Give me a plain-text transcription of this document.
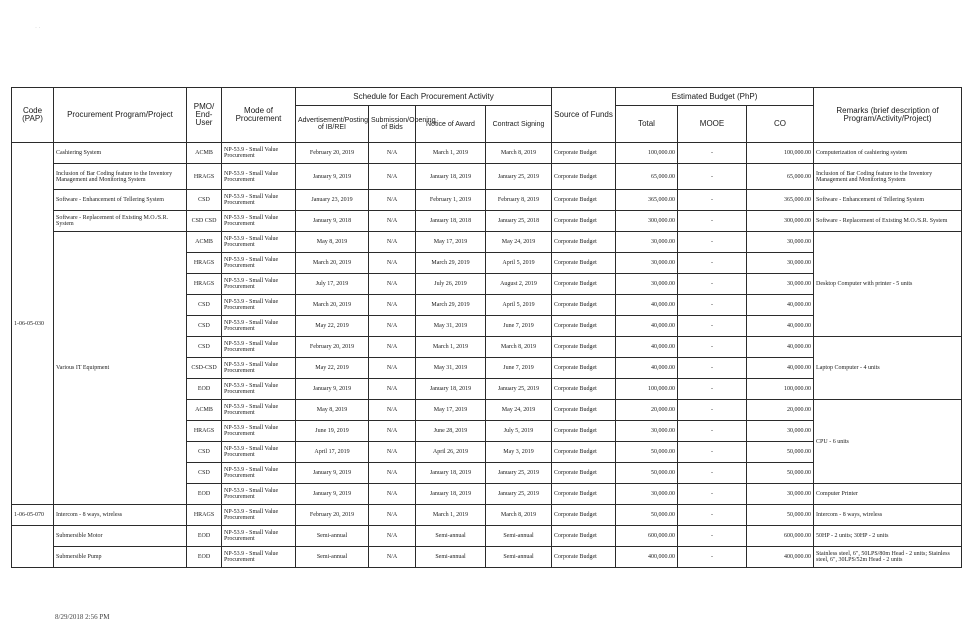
· ·
Code (PAP)	Procurement Program/Project	PMO/ End-User	Mode of Procurement	Schedule for Each Procurement Activity				Source of Funds	Estimated Budget (PhP)			Remarks (brief description of Program/Activity/Project)
				Advertisement/Posting of IB/REI	Submission/Opening of Bids	Notice of Award	Contract Signing		Total	MOOE	CO	
1-06-05-030	Cashiering System	ACMB	NP-53.9 - Small Value Procurement	February 20, 2019	N/A	March 1, 2019	March 8, 2019	Corporate Budget	100,000.00	-	100,000.00	Computerization of cashiering system
	Inclusion of Bar Coding feature to the Inventory Management and Monitoring System	HRAGS	NP-53.9 - Small Value Procurement	January 9, 2019	N/A	January 18, 2019	January 25, 2019	Corporate Budget	65,000.00	-	65,000.00	Inclusion of Bar Coding feature to the Inventory Management and Monitoring System
	Software - Enhancement of Tellering System	CSD	NP-53.9 - Small Value Procurement	January 23, 2019	N/A	February 1, 2019	February 8, 2019	Corporate Budget	365,000.00	-	365,000.00	Software - Enhancement of Tellering System
	Software - Replacement of Existing M.O./S.R. System	CSD CSD	NP-53.9 - Small Value Procurement	January 9, 2018	N/A	January 18, 2018	January 25, 2018	Corporate Budget	300,000.00	-	300,000.00	Software - Replacement of Existing M.O./S.R. System
	Various IT Equipment	ACMB	NP-53.9 - Small Value Procurement	May 8, 2019	N/A	May 17, 2019	May 24, 2019	Corporate Budget	30,000.00	-	30,000.00	Desktop Computer with printer - 5 units
		HRAGS	NP-53.9 - Small Value Procurement	March 20, 2019	N/A	March 29, 2019	April 5, 2019	Corporate Budget	30,000.00	-	30,000.00	
		HRAGS	NP-53.9 - Small Value Procurement	July 17, 2019	N/A	July 26, 2019	August 2, 2019	Corporate Budget	30,000.00	-	30,000.00	
		CSD	NP-53.9 - Small Value Procurement	March 20, 2019	N/A	March 29, 2019	April 5, 2019	Corporate Budget	40,000.00	-	40,000.00	
		CSD	NP-53.9 - Small Value Procurement	May 22, 2019	N/A	May 31, 2019	June 7, 2019	Corporate Budget	40,000.00	-	40,000.00	
		CSD	NP-53.9 - Small Value Procurement	February 20, 2019	N/A	March 1, 2019	March 8, 2019	Corporate Budget	40,000.00	-	40,000.00	Laptop Computer - 4 units
		CSD-CSD	NP-53.9 - Small Value Procurement	May 22, 2019	N/A	May 31, 2019	June 7, 2019	Corporate Budget	40,000.00	-	40,000.00	
		EOD	NP-53.9 - Small Value Procurement	January 9, 2019	N/A	January 18, 2019	January 25, 2019	Corporate Budget	100,000.00	-	100,000.00	
		ACMB	NP-53.9 - Small Value Procurement	May 8, 2019	N/A	May 17, 2019	May 24, 2019	Corporate Budget	20,000.00	-	20,000.00	CPU - 6 units
		HRAGS	NP-53.9 - Small Value Procurement	June 19, 2019	N/A	June 28, 2019	July 5, 2019	Corporate Budget	30,000.00	-	30,000.00	
		CSD	NP-53.9 - Small Value Procurement	April 17, 2019	N/A	April 26, 2019	May 3, 2019	Corporate Budget	50,000.00	-	50,000.00	
		CSD	NP-53.9 - Small Value Procurement	January 9, 2019	N/A	January 18, 2019	January 25, 2019	Corporate Budget	50,000.00	-	50,000.00	
		EOD	NP-53.9 - Small Value Procurement	January 9, 2019	N/A	January 18, 2019	January 25, 2019	Corporate Budget	30,000.00	-	30,000.00	Computer Printer
1-06-05-070	Intercom - 8 ways, wireless	HRAGS	NP-53.9 - Small Value Procurement	February 20, 2019	N/A	March 1, 2019	March 8, 2019	Corporate Budget	50,000.00	-	50,000.00	Intercom - 8 ways, wireless
	Submersible Motor	EOD	NP-53.9 - Small Value Procurement	Semi-annual	N/A	Semi-annual	Semi-annual	Corporate Budget	600,000.00	-	600,000.00	50HP - 2 units; 30HP - 2 units
	Submersible Pump	EOD	NP-53.9 - Small Value Procurement	Semi-annual	N/A	Semi-annual	Semi-annual	Corporate Budget	400,000.00	-	400,000.00	Stainless steel, 6", 50LPS/80m Head - 2 units; Stainless steel, 6", 30LPS/52m Head - 2 units
8/29/2018 2:56 PM
